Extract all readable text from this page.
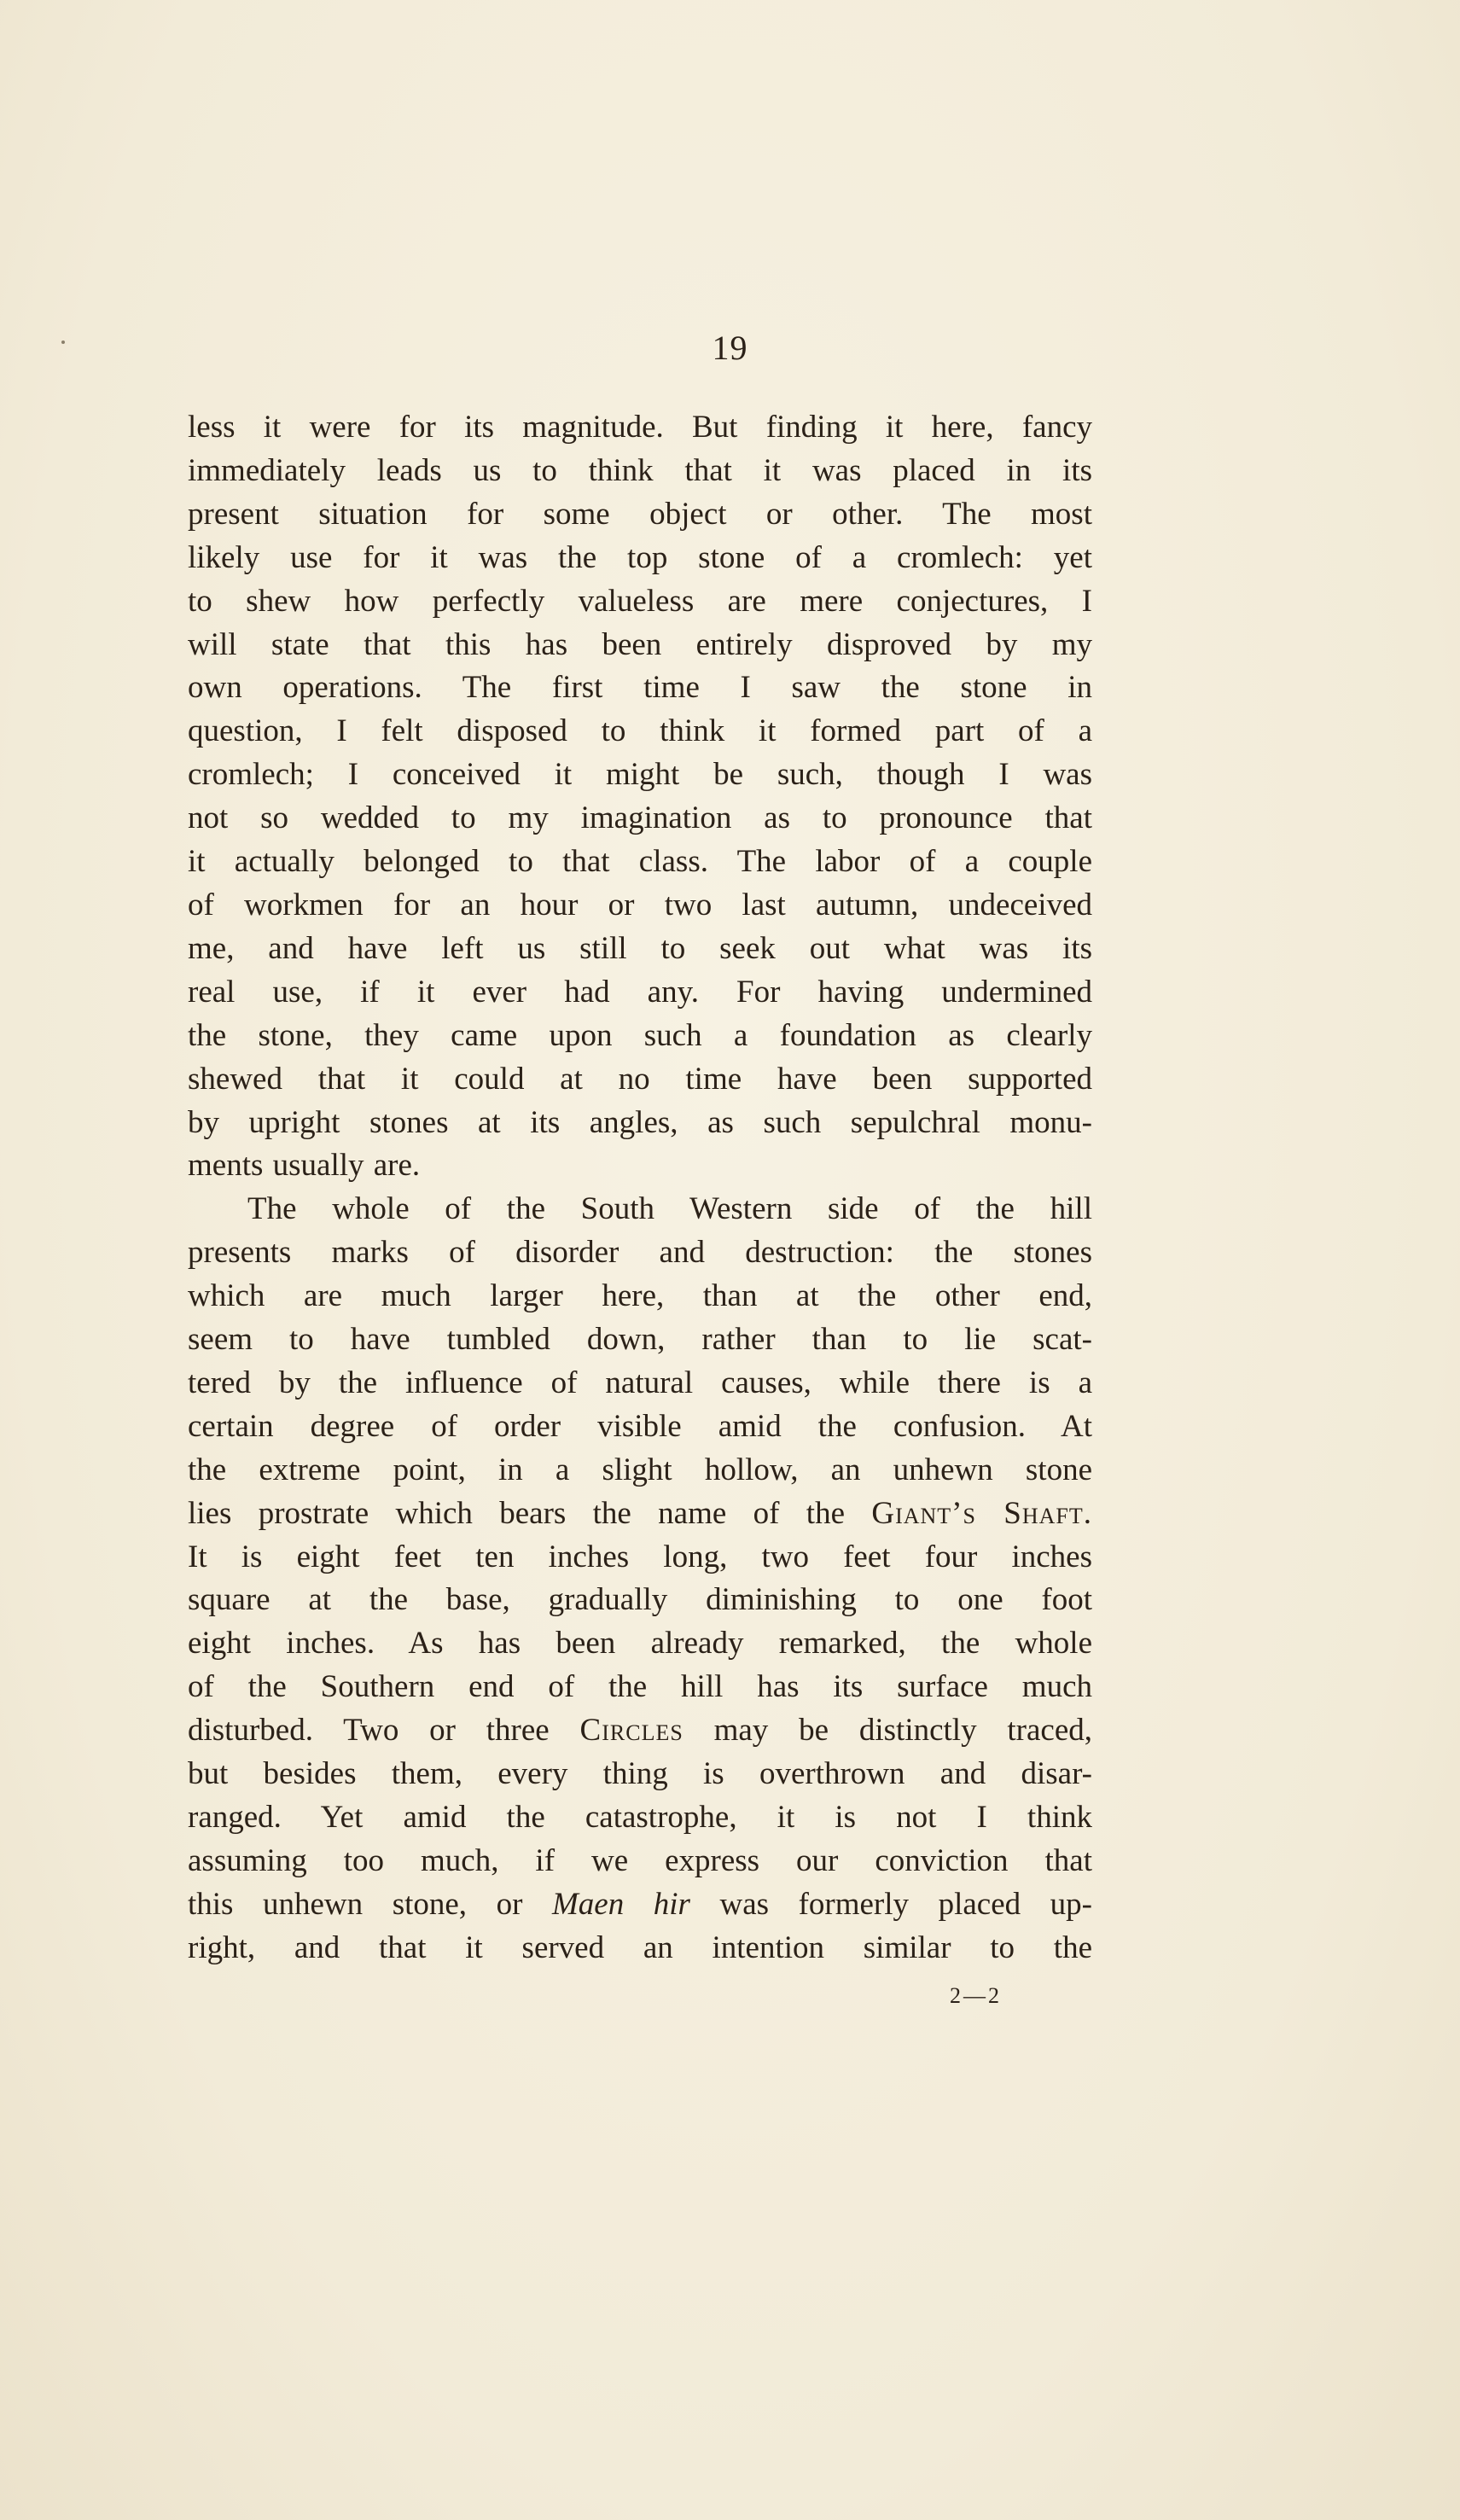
19

less it were for its magnitude. But finding it here, fancy

immediately leads us to think that it was placed in its

present situation for some object or other. The most

likely use for it was the top stone of a cromlech: yet

to shew how perfectly valueless are mere conjectures, I

will state that this has been entirely disproved by my

own operations. The first time I saw the stone in

question, I felt disposed to think it formed part of a

cromlech; I conceived it might be such, though I was

not so wedded to my imagination as to pronounce that

it actually belonged to that class. The labor of a couple

of workmen for an hour or two last autumn, undeceived

me, and have left us still to seek out what was its

real use, if it ever had any. For having undermined

the stone, they came upon such a foundation as clearly

shewed that it could at no time have been supported

by upright stones at its angles, as such sepulchral monu-

ments usually are.

The whole of the South Western side of the hill

presents marks of disorder and destruction: the stones

which are much larger here, than at the other end,

seem to have tumbled down, rather than to lie scat-

tered by the influence of natural causes, while there is a

certain degree of order visible amid the confusion. At

the extreme point, in a slight hollow, an unhewn stone

lies prostrate which bears the name of the Giant’s Shaft.

It is eight feet ten inches long, two feet four inches

square at the base, gradually diminishing to one foot

eight inches. As has been already remarked, the whole

of the Southern end of the hill has its surface much

disturbed. Two or three Circles may be distinctly traced,

but besides them, every thing is overthrown and disar-

ranged. Yet amid the catastrophe, it is not I think

assuming too much, if we express our conviction that

this unhewn stone, or Maen hir was formerly placed up-

right, and that it served an intention similar to the

2—2
